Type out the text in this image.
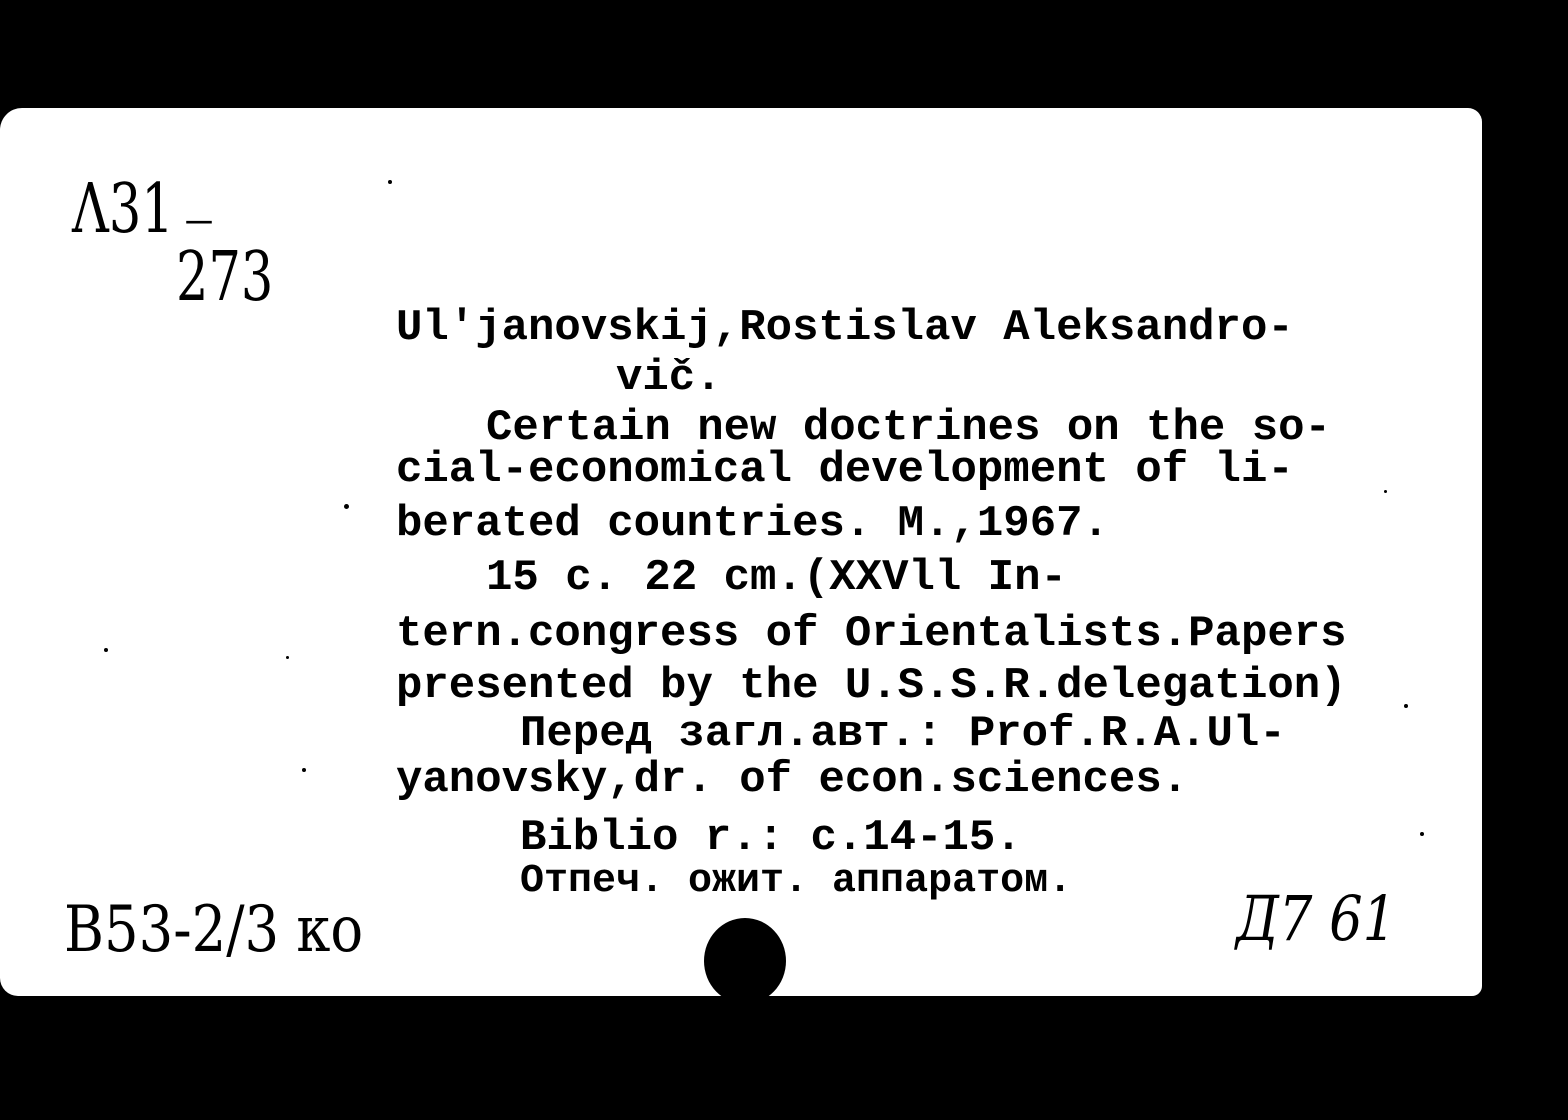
Λ31 —
273
Ul'janovskij,Rostislav Aleksandro-
vič.
Certain new doctrines on the so-
cial-economical development of li-
berated countries. M.,1967.
15 c. 22 cm.(XXVll In-
tern.congress of Orientalists.Papers
presented by the U.S.S.R.delegation)
Перед загл.авт.: Prof.R.A.Ul-
yanovsky,dr. of econ.sciences.
Biblio r.: c.14-15.
Отпеч. ожит. аппаратом.
B53-2/3 ко	Д7 61
